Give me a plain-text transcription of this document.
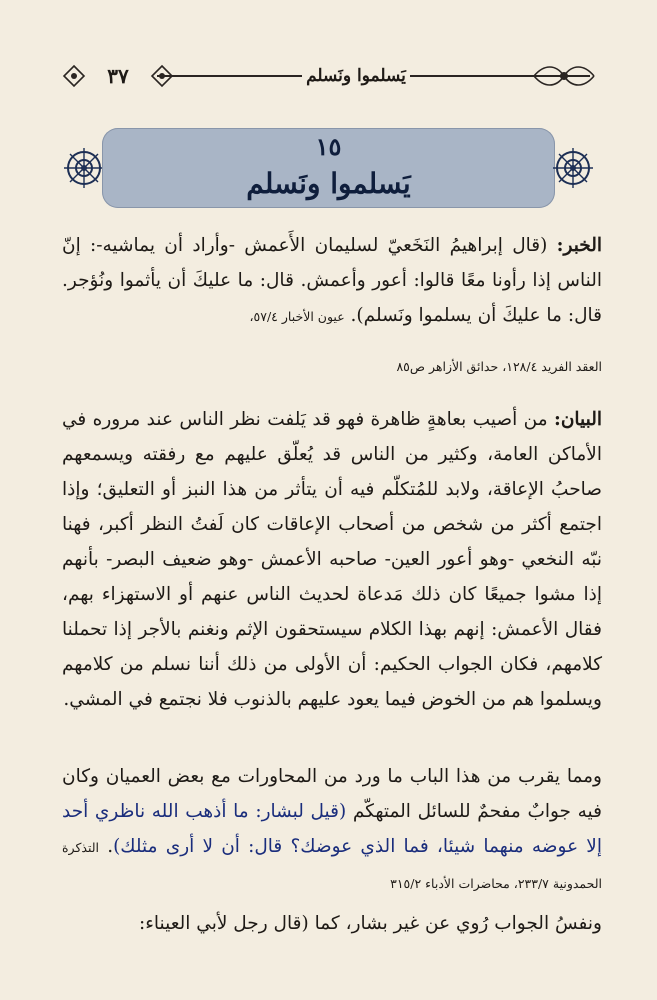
٣٧	يَسلموا ونَسلم
١٥
يَسلموا ونَسلم

الخبر: (قال إبراهيمُ النَخَعيّ لسليمان الأَعمش -وأراد أن يماشيه-: إنّ الناس إذا رأونا معًا قالوا: أعور وأعمش. قال: ما عليكَ أن يأثموا ونُؤجر. قال: ما عليكَ أن يسلموا ونَسلم). عيون الأخبار ٥٧/٤،

العقد الفريد ١٢٨/٤، حدائق الأزاهر ص٨٥

البيان: من أصيب بعاهةٍ ظاهرة فهو قد يَلفت نظر الناس عند مروره في الأماكن العامة، وكثير من الناس قد يُعلّق عليهم مع رفقته ويسمعهم صاحبُ الإعاقة، ولابد للمُتكلّم فيه أن يتأثر من هذا النبز أو التعليق؛ وإذا اجتمع أكثر من شخص من أصحاب الإعاقات كان لَفتُ النظر أكبر، فهنا نبّه النخعي -وهو أعور العين- صاحبه الأعمش -وهو ضعيف البصر- بأنهم إذا مشوا جميعًا كان ذلك مَدعاة لحديث الناس عنهم أو الاستهزاء بهم، فقال الأعمش: إنهم بهذا الكلام سيستحقون الإثم ونغنم بالأجر إذا تحملنا كلامهم، فكان الجواب الحكيم: أن الأولى من ذلك أننا نسلم من كلامهم ويسلموا هم من الخوض فيما يعود عليهم بالذنوب فلا نجتمع في المشي.

ومما يقرب من هذا الباب ما ورد من المحاورات مع بعض العميان وكان فيه جوابٌ مفحمٌ للسائل المتهكّم (قيل لبشار: ما أذهب الله ناظري أحد إلا عوضه منهما شيئا، فما الذي عوضك؟ قال: أن لا أرى مثلك). التذكرة الحمدونية ٢٣٣/٧، محاضرات الأدباء ٣١٥/٢

ونفسُ الجواب رُوي عن غير بشار، كما (قال رجل لأبي العيناء:
